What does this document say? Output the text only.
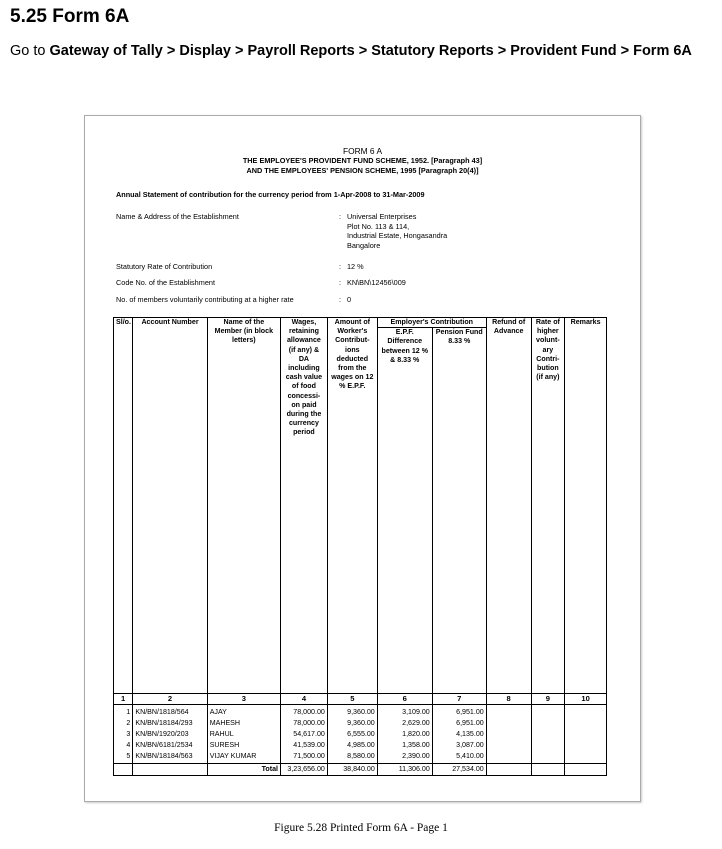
5.25 Form 6A
Go to Gateway of Tally > Display > Payroll Reports > Statutory Reports > Provident Fund > Form 6A
FORM 6 A
THE EMPLOYEE'S PROVIDENT FUND SCHEME, 1952. [Paragraph 43]
AND THE EMPLOYEES' PENSION SCHEME, 1995 [Paragraph 20(4)]
Annual Statement of contribution for the currency period from 1-Apr-2008 to 31-Mar-2009
Name & Address of the Establishment	: Universal Enterprises
Plot No. 113 & 114,
Industrial Estate, Hongasandra
Bangalore
Statutory Rate of Contribution	: 12 %
Code No. of the Establishment	: KN\BN\12456\009
No. of members voluntarily contributing at a higher rate	: 0
Sl/o.	Account Number	Name of the Member (in block letters)	Wages, retaining allowance (if any) & DA including cash value of food concessi- on paid during the currency period	Amount of Worker's Contribut- ions deducted from the wages on 12 % E.P.F.	Employer's Contribution		Refund of Advance	Rate of higher volunt- ary Contri- bution (if any)	Remarks
					E.P.F. Difference between 12 % & 8.33 %	Pension Fund 8.33 %			
1	2	3	4	5	6	7	8	9	10
1	KN/BN/1818/564	AJAY	78,000.00	9,360.00	3,109.00	6,951.00			
2	KN/BN/18184/293	MAHESH	78,000.00	9,360.00	2,629.00	6,951.00			
3	KN/BN/1920/203	RAHUL	54,617.00	6,555.00	1,820.00	4,135.00			
4	KN/BN/6181/2534	SURESH	41,539.00	4,985.00	1,358.00	3,087.00			
5	KN/BN/18184/563	VIJAY KUMAR	71,500.00	8,580.00	2,390.00	5,410.00			

		Total	3,23,656.00	38,840.00	11,306.00	27,534.00			
Figure 5.28 Printed Form 6A - Page 1
